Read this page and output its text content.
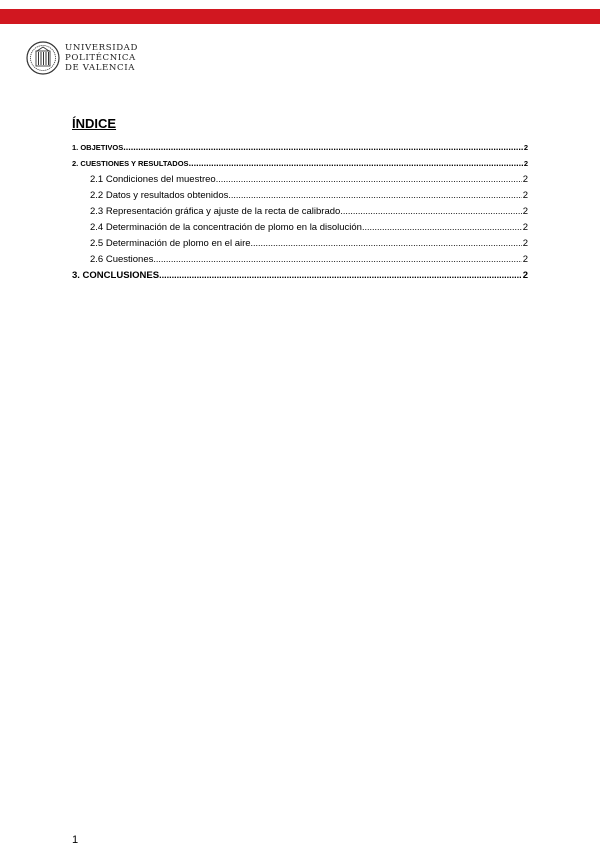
UNIVERSIDAD
POLITÉCNICA
DE VALENCIA
ÍNDICE
1. OBJETIVOS .....	2
2. CUESTIONES Y RESULTADOS .....	2
2.1 Condiciones del muestreo .....	2
2.2 Datos y resultados obtenidos .....	2
2.3 Representación gráfica y ajuste de la recta de calibrado .....	2
2.4 Determinación de la concentración de plomo en la disolución .....	2
2.5 Determinación de plomo en el aire .....	2
2.6 Cuestiones .....	2
3. CONCLUSIONES .....	2
1
